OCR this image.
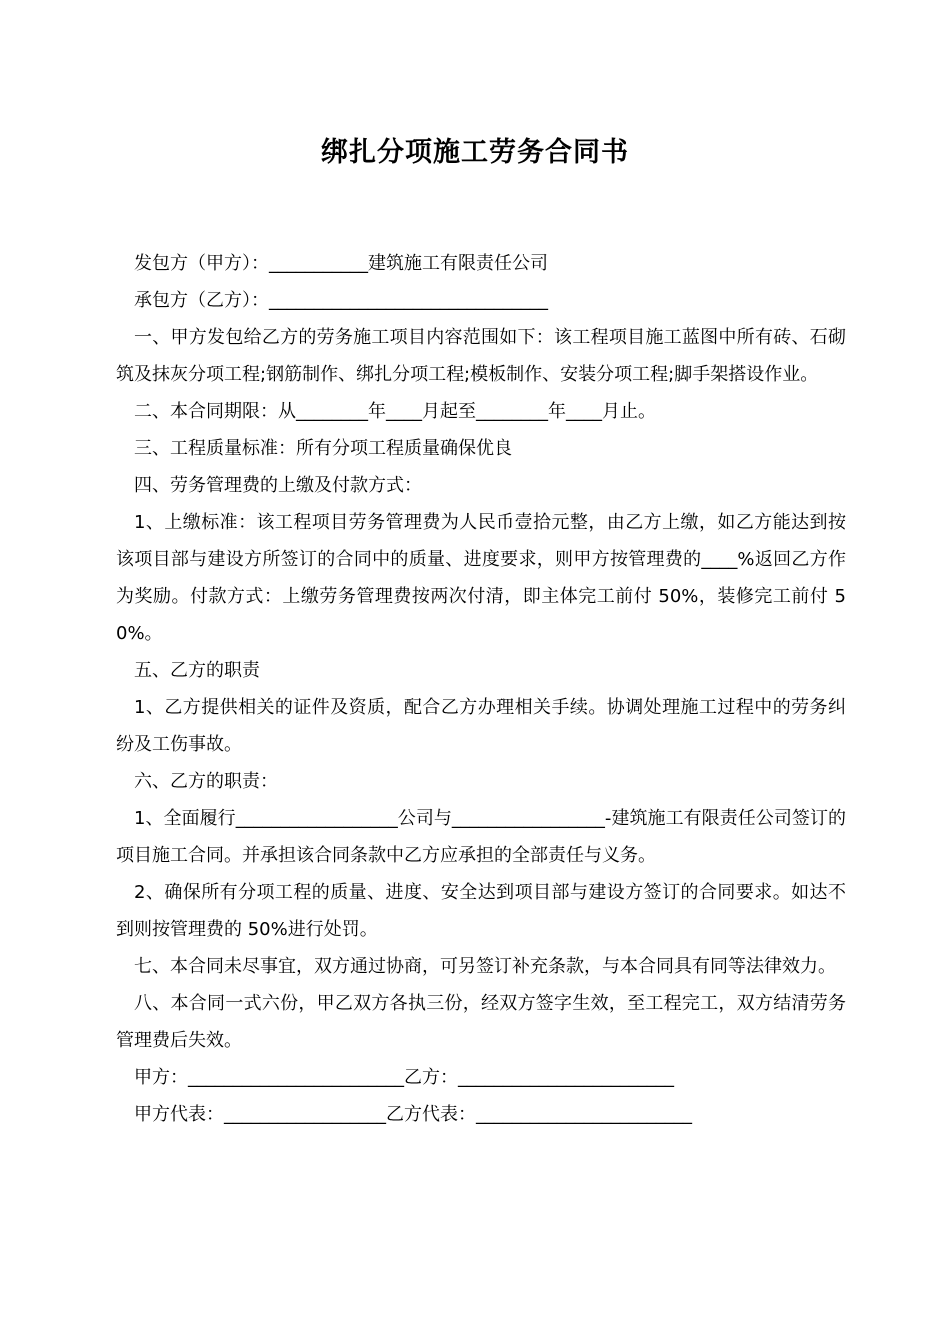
绑扎分项施工劳务合同书

发包方（甲方）：___________建筑施工有限责任公司

承包方（乙方）：_______________________________

一、甲方发包给乙方的劳务施工项目内容范围如下：该工程项目施工蓝图中所有砖、石砌筑及抹灰分项工程;钢筋制作、绑扎分项工程;模板制作、安装分项工程;脚手架搭设作业。

二、本合同期限：从________年____月起至________年____月止。

三、工程质量标准：所有分项工程质量确保优良

四、劳务管理费的上缴及付款方式：

1、上缴标准：该工程项目劳务管理费为人民币壹拾元整，由乙方上缴，如乙方能达到按该项目部与建设方所签订的合同中的质量、进度要求，则甲方按管理费的____%返回乙方作为奖励。付款方式：上缴劳务管理费按两次付清，即主体完工前付 50%，装修完工前付 50%。

五、乙方的职责

1、乙方提供相关的证件及资质，配合乙方办理相关手续。协调处理施工过程中的劳务纠纷及工伤事故。

六、乙方的职责：

1、全面履行__________________公司与_________________-建筑施工有限责任公司签订的项目施工合同。并承担该合同条款中乙方应承担的全部责任与义务。

2、确保所有分项工程的质量、进度、安全达到项目部与建设方签订的合同要求。如达不到则按管理费的 50%进行处罚。

七、本合同未尽事宜，双方通过协商，可另签订补充条款，与本合同具有同等法律效力。

八、本合同一式六份，甲乙双方各执三份，经双方签字生效，至工程完工，双方结清劳务管理费后失效。

甲方：________________________乙方：________________________

甲方代表：__________________乙方代表：________________________
